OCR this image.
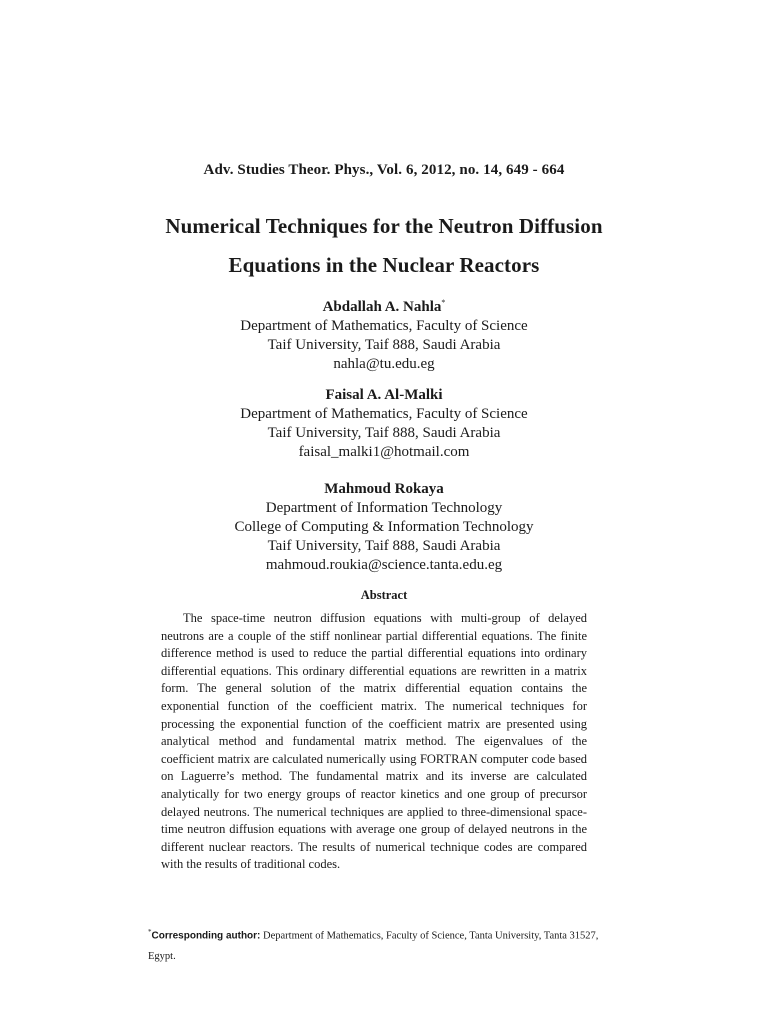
Adv. Studies Theor. Phys., Vol. 6, 2012, no. 14, 649 - 664
Numerical Techniques for the Neutron Diffusion
Equations in the Nuclear Reactors
Abdallah A. Nahla*
Department of Mathematics, Faculty of Science
Taif University, Taif 888, Saudi Arabia
nahla@tu.edu.eg
Faisal A. Al-Malki
Department of Mathematics, Faculty of Science
Taif University, Taif 888, Saudi Arabia
faisal_malki1@hotmail.com
Mahmoud Rokaya
Department of Information Technology
College of Computing & Information Technology
Taif University, Taif 888, Saudi Arabia
mahmoud.roukia@science.tanta.edu.eg
Abstract
The space-time neutron diffusion equations with multi-group of delayed neutrons are a couple of the stiff nonlinear partial differential equations. The finite difference method is used to reduce the partial differential equations into ordinary differential equations. This ordinary differential equations are rewritten in a matrix form. The general solution of the matrix differential equation contains the exponential function of the coefficient matrix. The numerical techniques for processing the exponential function of the coefficient matrix are presented using analytical method and fundamental matrix method. The eigenvalues of the coefficient matrix are calculated numerically using FORTRAN computer code based on Laguerre’s method. The fundamental matrix and its inverse are calculated analytically for two energy groups of reactor kinetics and one group of precursor delayed neutrons. The numerical techniques are applied to three-dimensional space-time neutron diffusion equations with average one group of delayed neutrons in the different nuclear reactors. The results of numerical technique codes are compared with the results of traditional codes.
*Corresponding author: Department of Mathematics, Faculty of Science, Tanta University, Tanta 31527, Egypt.
